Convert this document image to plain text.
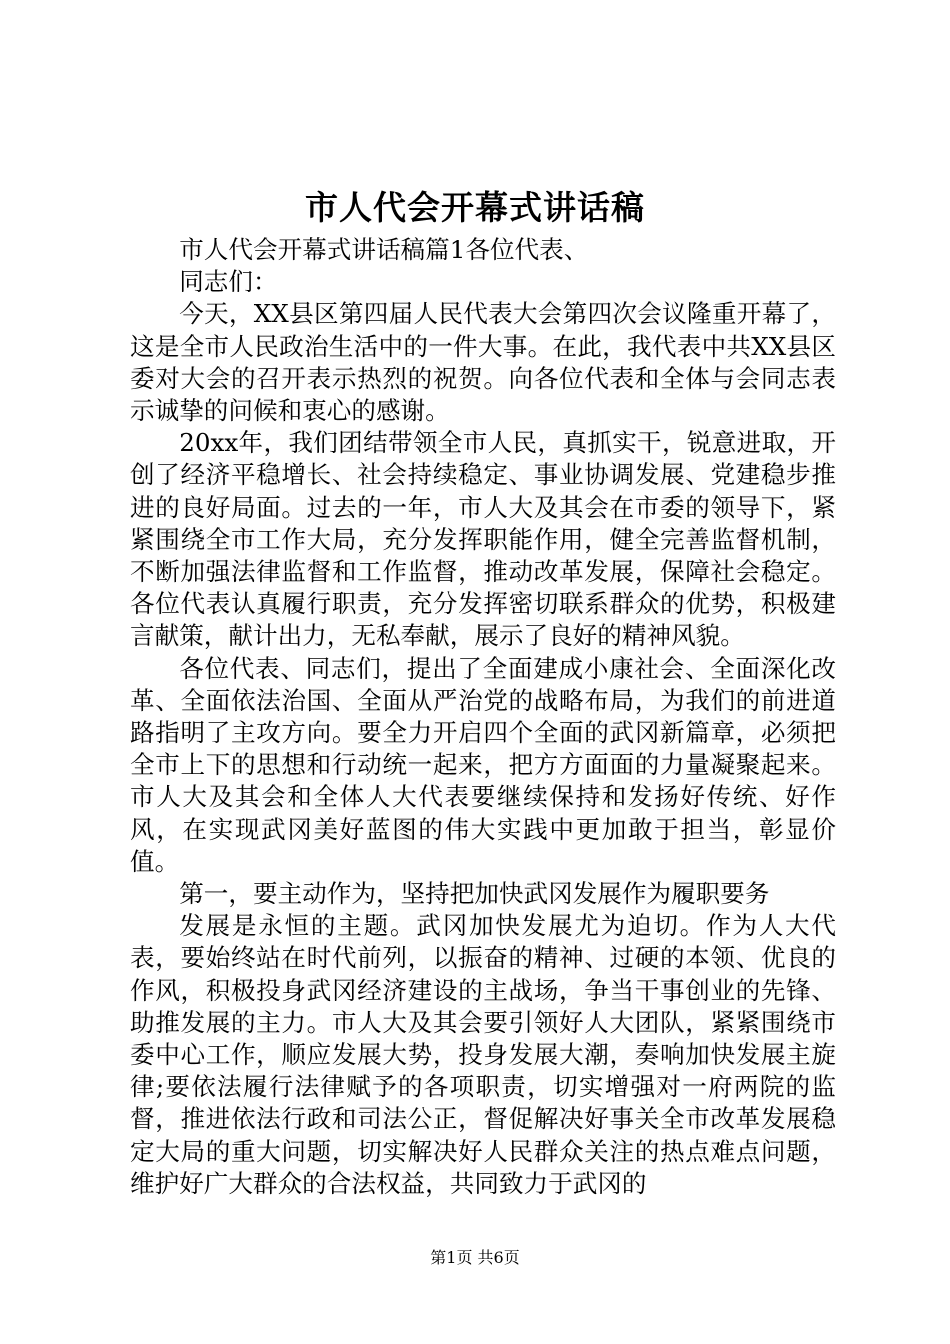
市人代会开幕式讲话稿

市人代会开幕式讲话稿篇1各位代表、

同志们：

今天，XX县区第四届人民代表大会第四次会议隆重开幕了，这是全市人民政治生活中的一件大事。在此，我代表中共XX县区委对大会的召开表示热烈的祝贺。向各位代表和全体与会同志表示诚挚的问候和衷心的感谢。

20xx年，我们团结带领全市人民，真抓实干，锐意进取，开创了经济平稳增长、社会持续稳定、事业协调发展、党建稳步推进的良好局面。过去的一年，市人大及其会在市委的领导下，紧紧围绕全市工作大局，充分发挥职能作用，健全完善监督机制，不断加强法律监督和工作监督，推动改革发展，保障社会稳定。各位代表认真履行职责，充分发挥密切联系群众的优势，积极建言献策，献计出力，无私奉献，展示了良好的精神风貌。

各位代表、同志们，提出了全面建成小康社会、全面深化改革、全面依法治国、全面从严治党的战略布局，为我们的前进道路指明了主攻方向。要全力开启四个全面的武冈新篇章，必须把全市上下的思想和行动统一起来，把方方面面的力量凝聚起来。市人大及其会和全体人大代表要继续保持和发扬好传统、好作风，在实现武冈美好蓝图的伟大实践中更加敢于担当，彰显价值。

第一，要主动作为，坚持把加快武冈发展作为履职要务

发展是永恒的主题。武冈加快发展尤为迫切。作为人大代表，要始终站在时代前列，以振奋的精神、过硬的本领、优良的作风，积极投身武冈经济建设的主战场，争当干事创业的先锋、助推发展的主力。市人大及其会要引领好人大团队，紧紧围绕市委中心工作，顺应发展大势，投身发展大潮，奏响加快发展主旋律;要依法履行法律赋予的各项职责，切实增强对一府两院的监督，推进依法行政和司法公正，督促解决好事关全市改革发展稳定大局的重大问题，切实解决好人民群众关注的热点难点问题，维护好广大群众的合法权益，共同致力于武冈的

第1页 共6页
